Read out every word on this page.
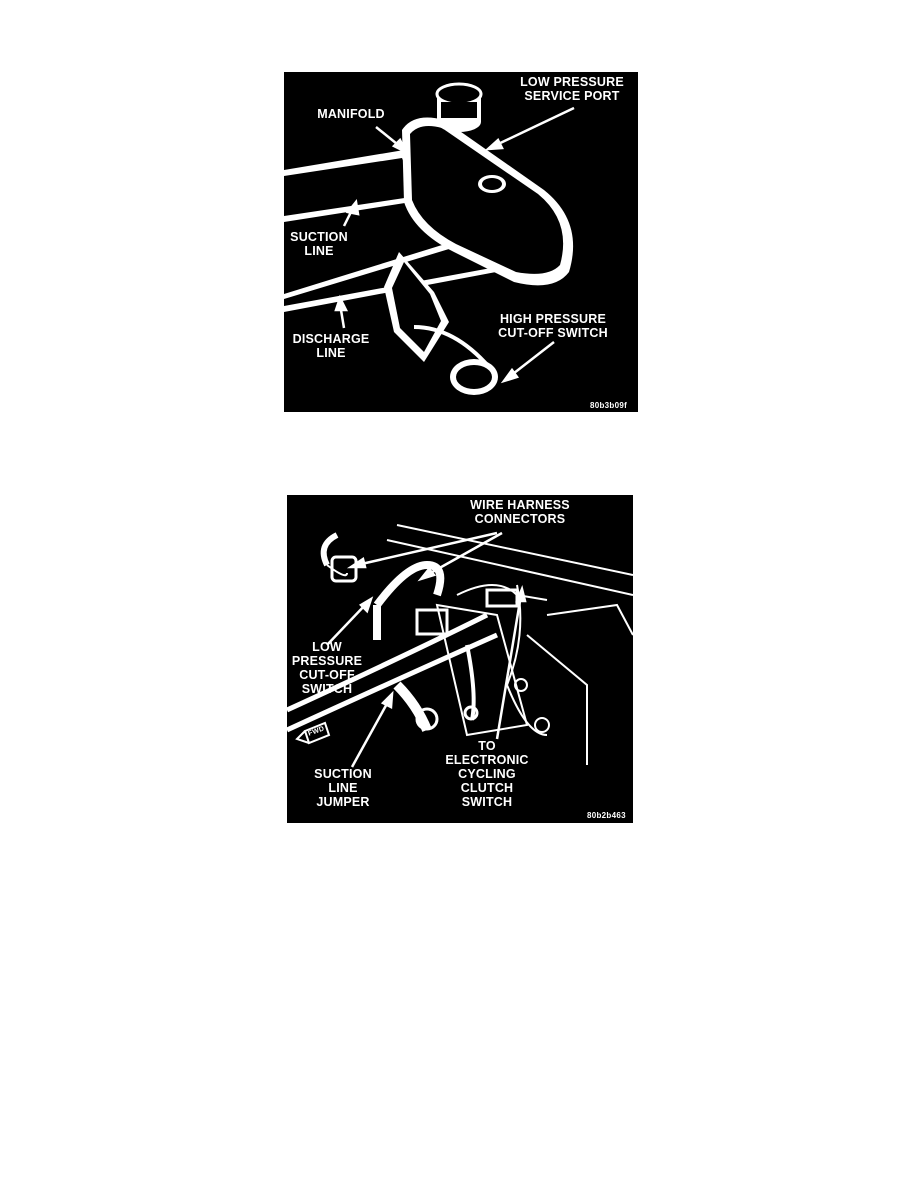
LOW PRESSURE
SERVICE PORT
MANIFOLD
SUCTION
LINE
HIGH PRESSURE
CUT-OFF SWITCH
DISCHARGE
LINE
80b3b09f
WIRE HARNESS
CONNECTORS
LOW
PRESSURE
CUT-OFF
SWITCH
SUCTION
LINE
JUMPER
TO
ELECTRONIC
CYCLING
CLUTCH
SWITCH
FWD
80b2b463
